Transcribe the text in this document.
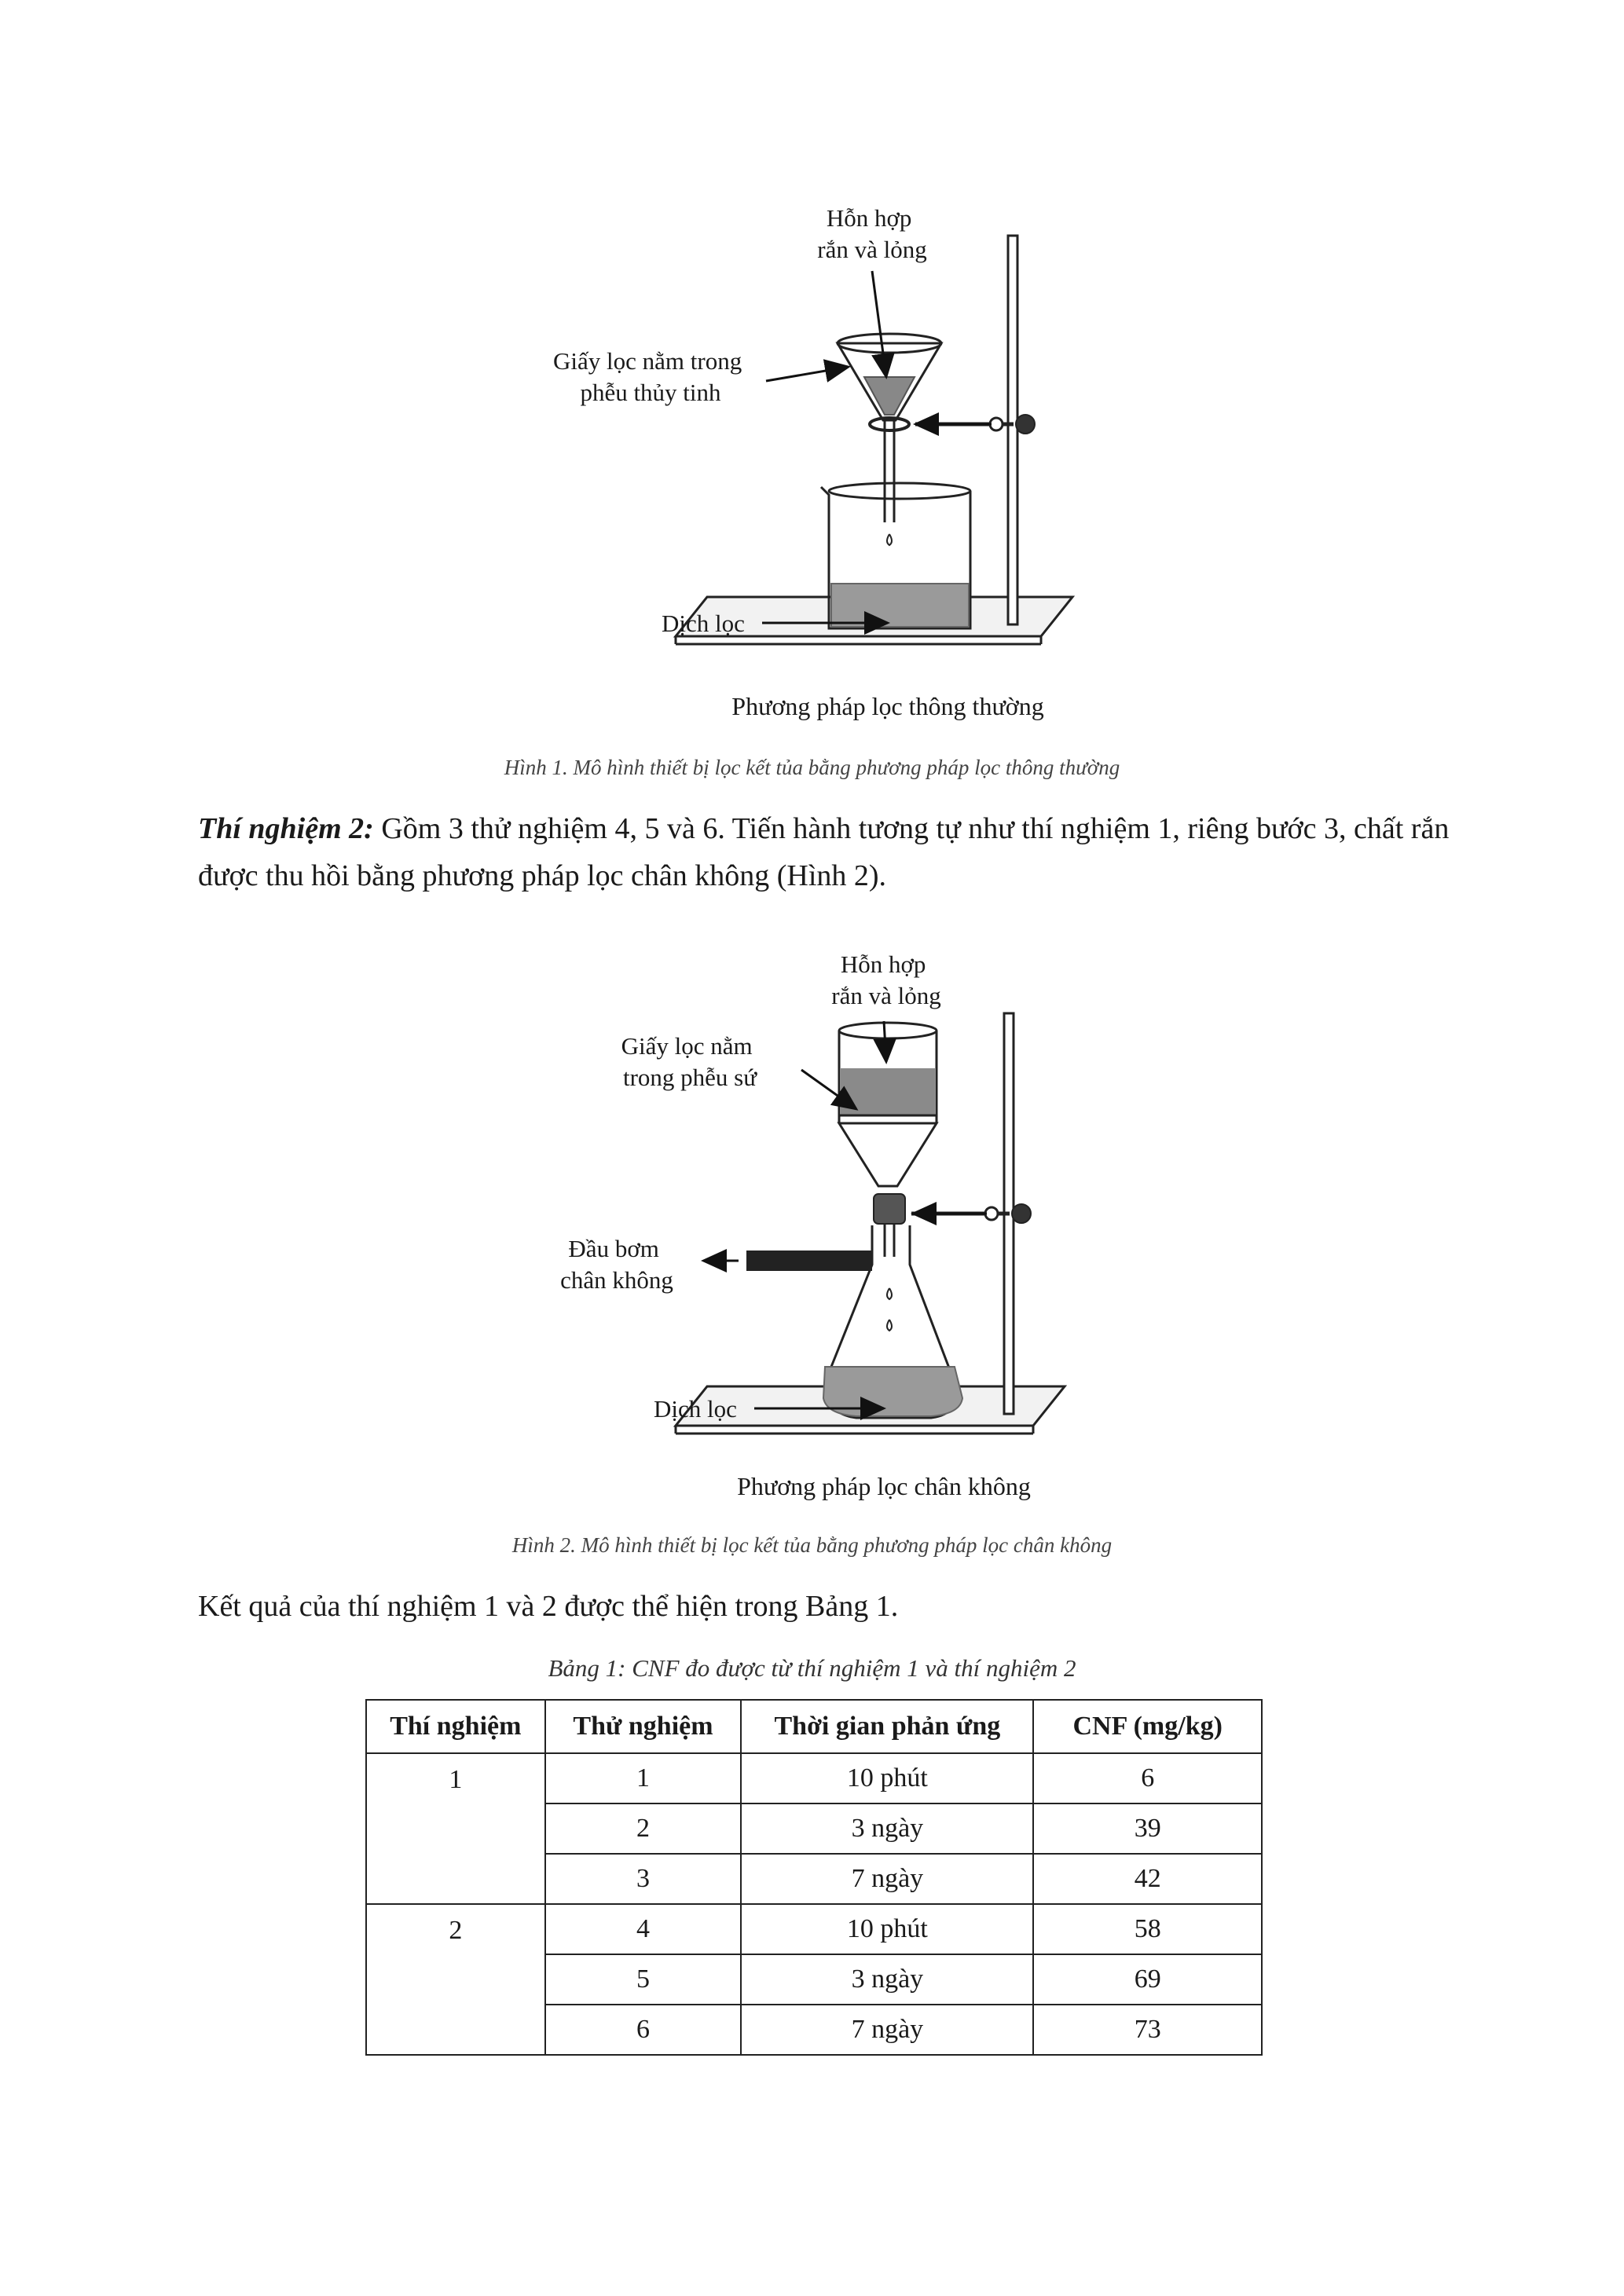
Hỗn hợp rắn và lỏng
Giấy lọc nằm trong phễu thủy tinh
Dịch lọc
Phương pháp lọc thông thường
Hình 1. Mô hình thiết bị lọc kết tủa bằng phương pháp lọc thông thường
Thí nghiệm 2: Gồm 3 thử nghiệm 4, 5 và 6. Tiến hành tương tự như thí nghiệm 1, riêng bước 3, chất rắn được thu hồi bằng phương pháp lọc chân không (Hình 2).
Hỗn hợp rắn và lỏng
Giấy lọc nằm trong phễu sứ
Đầu bơm chân không
Dịch lọc
Phương pháp lọc chân không
Hình 2. Mô hình thiết bị lọc kết tủa bằng phương pháp lọc chân không
Kết quả của thí nghiệm 1 và 2 được thể hiện trong Bảng 1.
Bảng 1: CNF đo được từ thí nghiệm 1 và thí nghiệm 2
Thí nghiệm	Thử nghiệm	Thời gian phản ứng	CNF (mg/kg)
1	1	10 phút	6
	2	3 ngày	39
	3	7 ngày	42
2	4	10 phút	58
	5	3 ngày	69
	6	7 ngày	73
